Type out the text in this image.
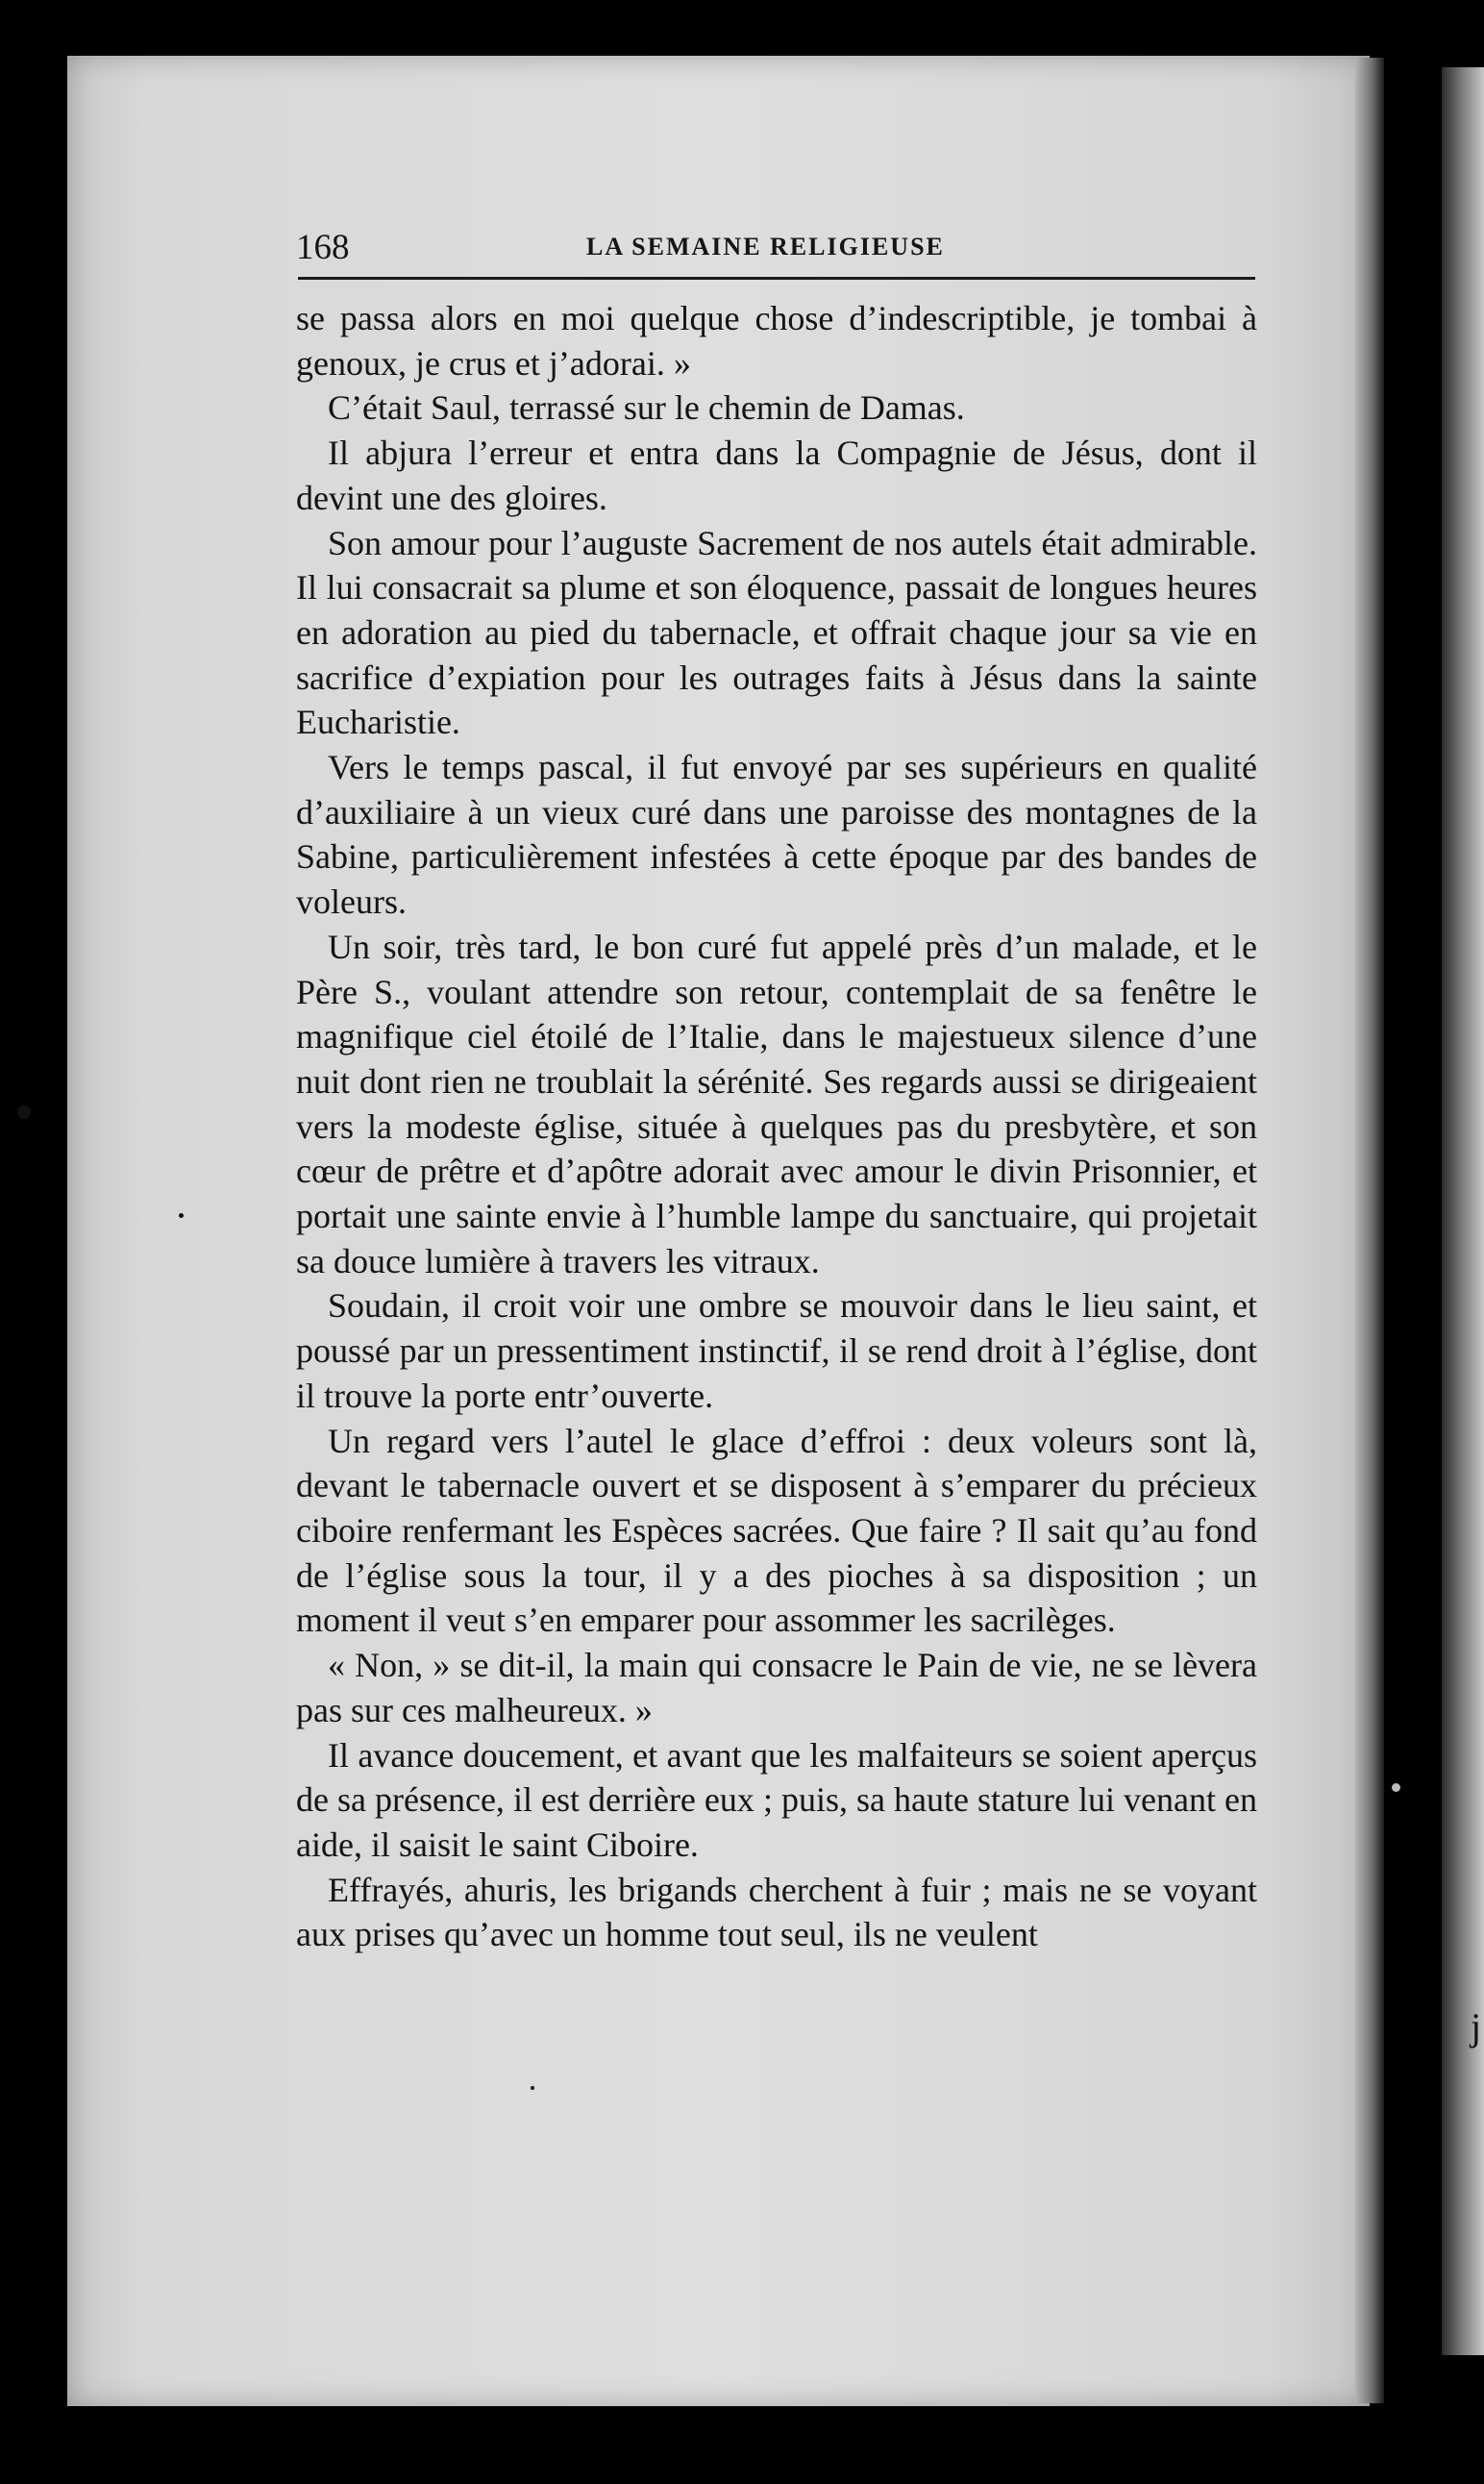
j
168	LA SEMAINE RELIGIEUSE

se passa alors en moi quelque chose d’indescriptible, je tombai à genoux, je crus et j’adorai. »

C’était Saul, terrassé sur le chemin de Damas.

Il abjura l’erreur et entra dans la Compagnie de Jésus, dont il devint une des gloires.

Son amour pour l’auguste Sacrement de nos autels était admirable. Il lui consacrait sa plume et son éloquence, passait de longues heures en adoration au pied du tabernacle, et offrait chaque jour sa vie en sacrifice d’expiation pour les outrages faits à Jésus dans la sainte Eucharistie.

Vers le temps pascal, il fut envoyé par ses supérieurs en qualité d’auxiliaire à un vieux curé dans une paroisse des montagnes de la Sabine, particulièrement infestées à cette époque par des bandes de voleurs.

Un soir, très tard, le bon curé fut appelé près d’un malade, et le Père S., voulant attendre son retour, contemplait de sa fenêtre le magnifique ciel étoilé de l’Italie, dans le majestueux silence d’une nuit dont rien ne troublait la sérénité. Ses regards aussi se dirigeaient vers la modeste église, située à quelques pas du presbytère, et son cœur de prêtre et d’apôtre adorait avec amour le divin Prisonnier, et portait une sainte envie à l’humble lampe du sanctuaire, qui projetait sa douce lumière à travers les vitraux.

Soudain, il croit voir une ombre se mouvoir dans le lieu saint, et poussé par un pressentiment instinctif, il se rend droit à l’église, dont il trouve la porte entr’ouverte.

Un regard vers l’autel le glace d’effroi : deux voleurs sont là, devant le tabernacle ouvert et se disposent à s’emparer du précieux ciboire renfermant les Espèces sacrées. Que faire ? Il sait qu’au fond de l’église sous la tour, il y a des pioches à sa disposition ; un moment il veut s’en emparer pour assommer les sacrilèges.

« Non, » se dit-il, la main qui consacre le Pain de vie, ne se lèvera pas sur ces malheureux. »

Il avance doucement, et avant que les malfaiteurs se soient aperçus de sa présence, il est derrière eux ; puis, sa haute stature lui venant en aide, il saisit le saint Ciboire.

Effrayés, ahuris, les brigands cherchent à fuir ; mais ne se voyant aux prises qu’avec un homme tout seul, ils ne veulent
